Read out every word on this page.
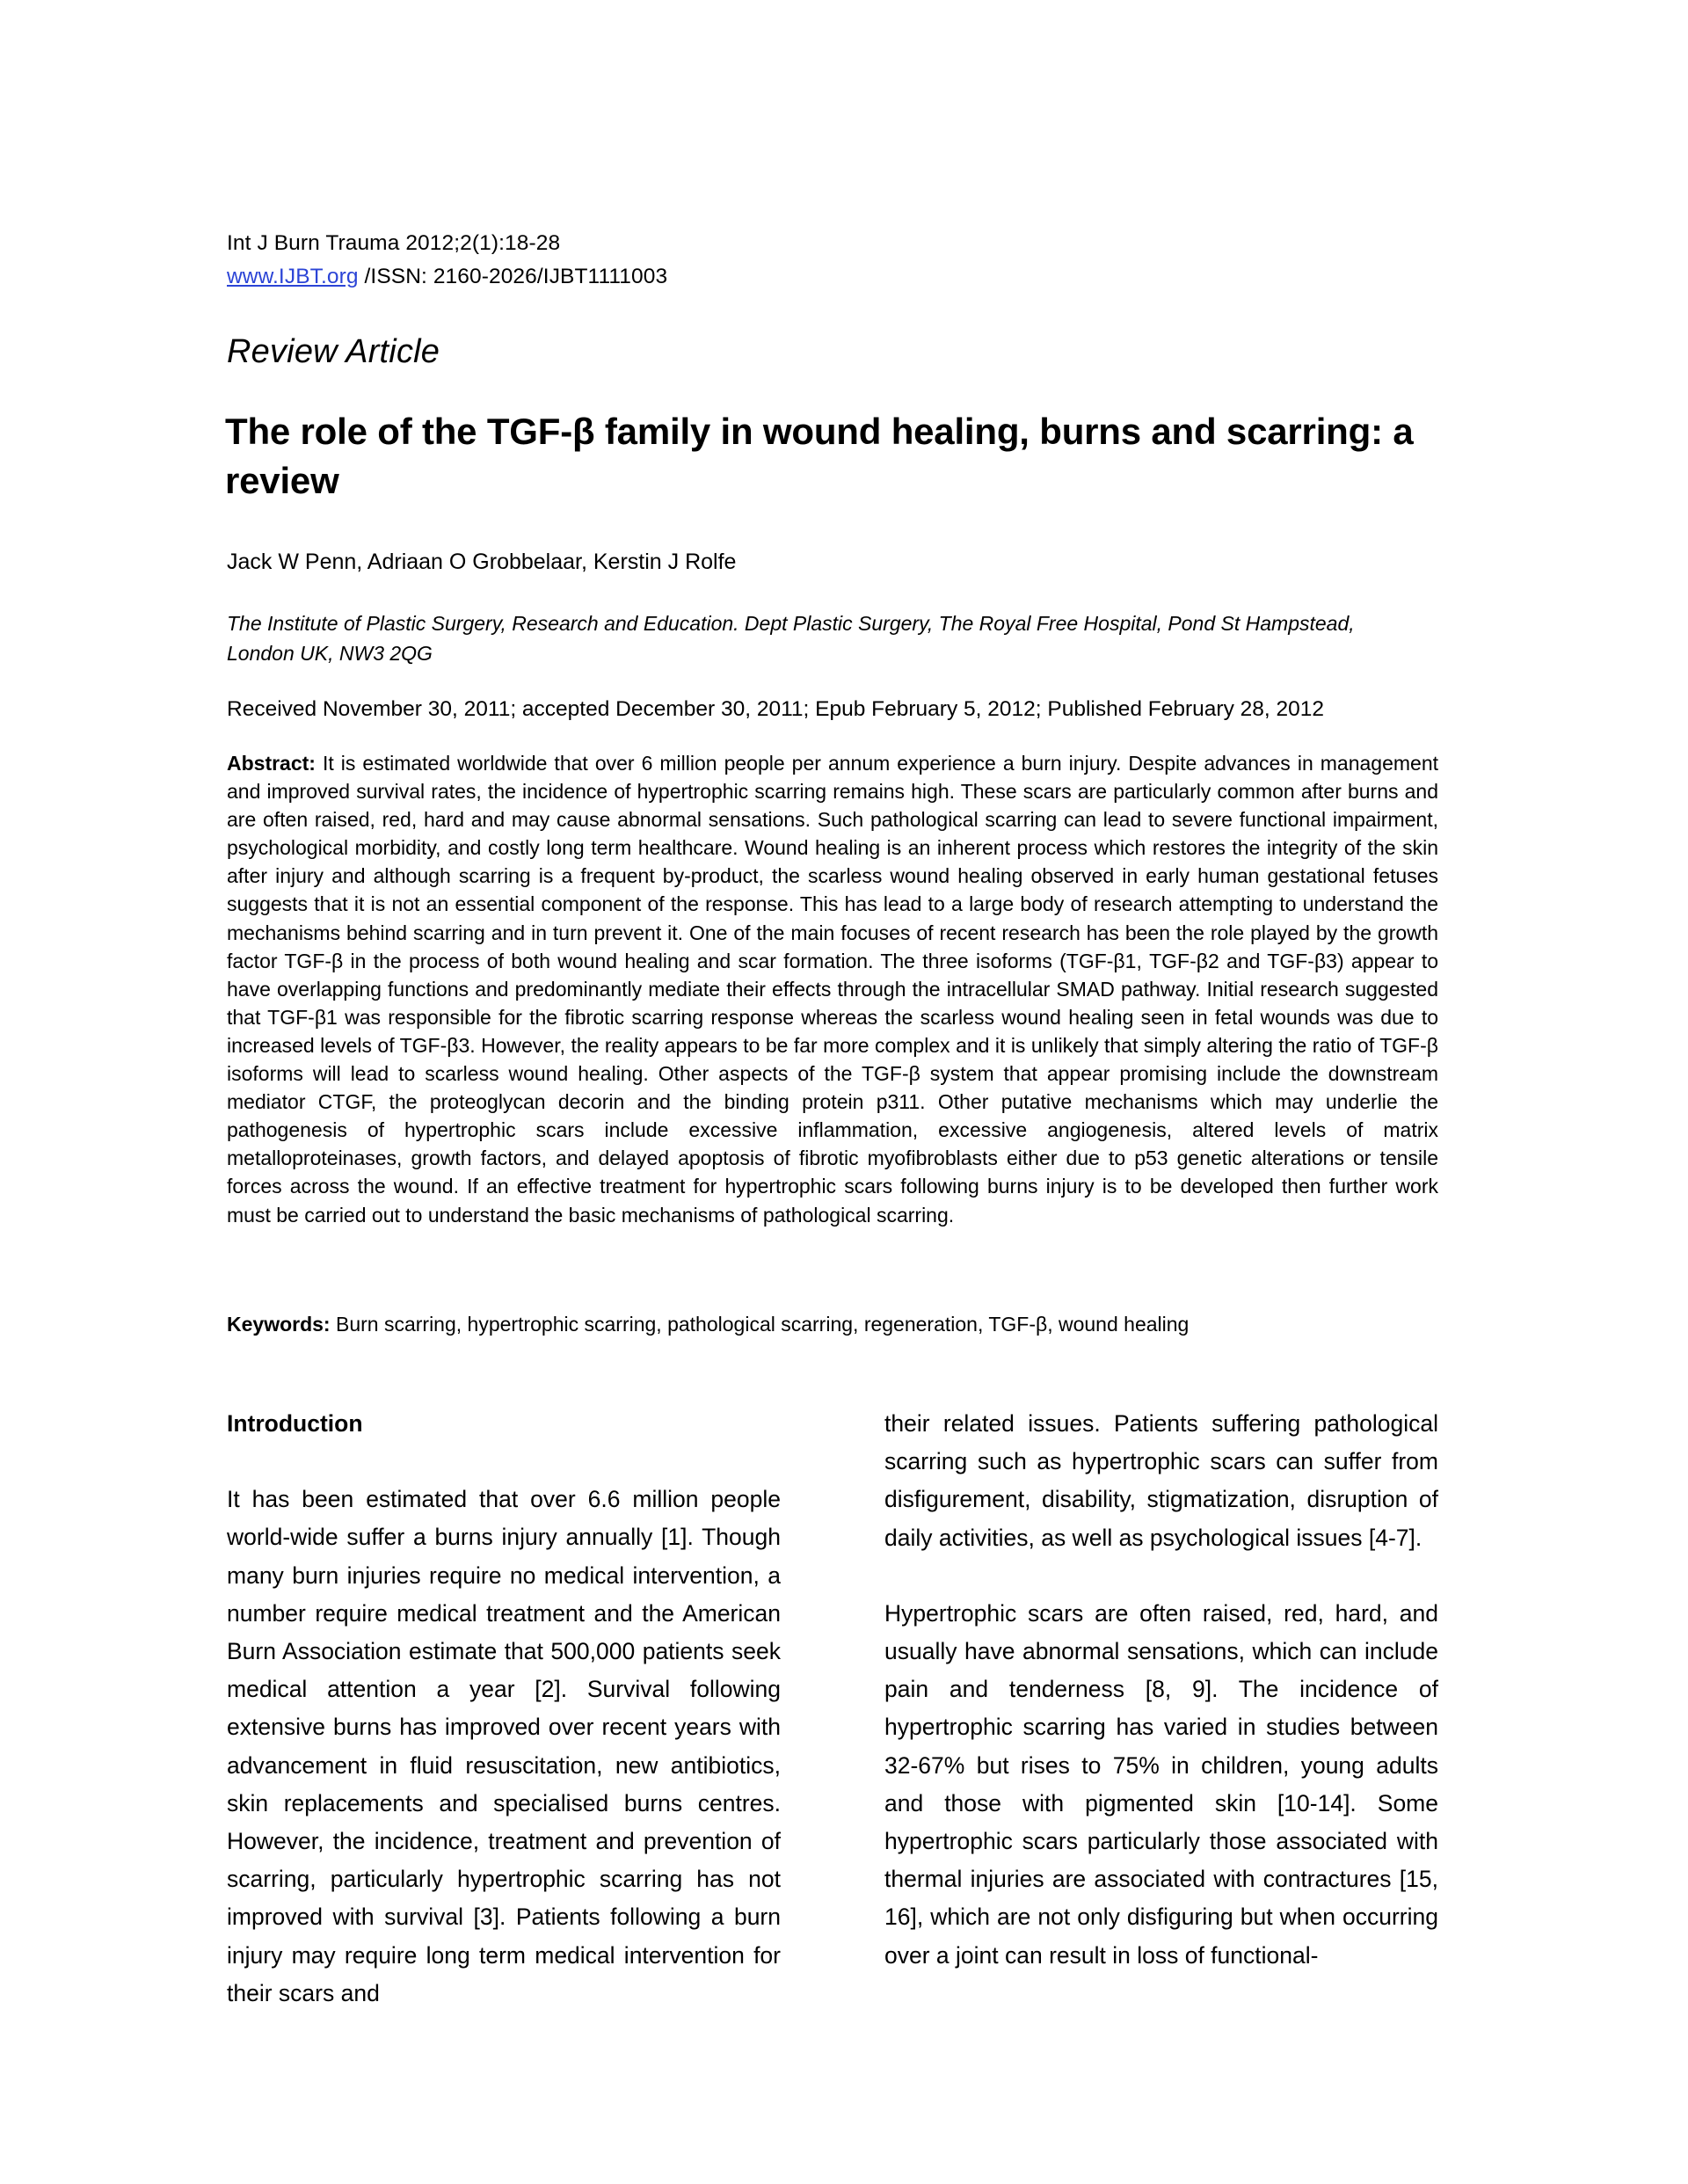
Int J Burn Trauma 2012;2(1):18-28
www.IJBT.org /ISSN: 2160-2026/IJBT1111003
Review Article
The role of the TGF-β family in wound healing, burns and scarring: a review
Jack W Penn, Adriaan O Grobbelaar, Kerstin J Rolfe
The Institute of Plastic Surgery, Research and Education. Dept Plastic Surgery, The Royal Free Hospital, Pond St Hampstead, London UK, NW3 2QG
Received November 30, 2011; accepted December 30, 2011; Epub February 5, 2012; Published February 28, 2012
Abstract: It is estimated worldwide that over 6 million people per annum experience a burn injury. Despite advances in management and improved survival rates, the incidence of hypertrophic scarring remains high. These scars are particularly common after burns and are often raised, red, hard and may cause abnormal sensations. Such pathological scarring can lead to severe functional impairment, psychological morbidity, and costly long term healthcare. Wound healing is an inherent process which restores the integrity of the skin after injury and although scarring is a frequent by-product, the scarless wound healing observed in early human gestational fetuses suggests that it is not an essential component of the response. This has lead to a large body of research attempting to understand the mechanisms behind scarring and in turn prevent it. One of the main focuses of recent research has been the role played by the growth factor TGF-β in the process of both wound healing and scar formation. The three isoforms (TGF-β1, TGF-β2 and TGF-β3) appear to have overlapping functions and predominantly mediate their effects through the intracellular SMAD pathway. Initial research suggested that TGF-β1 was responsible for the fibrotic scarring response whereas the scarless wound healing seen in fetal wounds was due to increased levels of TGF-β3. However, the reality appears to be far more complex and it is unlikely that simply altering the ratio of TGF-β isoforms will lead to scarless wound healing. Other aspects of the TGF-β system that appear promising include the downstream mediator CTGF, the proteoglycan decorin and the binding protein p311. Other putative mechanisms which may underlie the pathogenesis of hypertrophic scars include excessive inflammation, excessive angiogenesis, altered levels of matrix metalloproteinases, growth factors, and delayed apoptosis of fibrotic myofibroblasts either due to p53 genetic alterations or tensile forces across the wound. If an effective treatment for hypertrophic scars following burns injury is to be developed then further work must be carried out to understand the basic mechanisms of pathological scarring.
Keywords: Burn scarring, hypertrophic scarring, pathological scarring, regeneration, TGF-β, wound healing
Introduction

It has been estimated that over 6.6 million people world-wide suffer a burns injury annually [1]. Though many burn injuries require no medical intervention, a number require medical treatment and the American Burn Association estimate that 500,000 patients seek medical attention a year [2]. Survival following extensive burns has improved over recent years with advancement in fluid resuscitation, new antibiotics, skin replacements and specialised burns centres. However, the incidence, treatment and prevention of scarring, particularly hypertrophic scarring has not improved with survival [3]. Patients following a burn injury may require long term medical intervention for their scars and

their related issues. Patients suffering pathological scarring such as hypertrophic scars can suffer from disfigurement, disability, stigmatization, disruption of daily activities, as well as psychological issues [4-7].

Hypertrophic scars are often raised, red, hard, and usually have abnormal sensations, which can include pain and tenderness [8, 9]. The incidence of hypertrophic scarring has varied in studies between 32-67% but rises to 75% in children, young adults and those with pigmented skin [10-14]. Some hypertrophic scars particularly those associated with thermal injuries are associated with contractures [15, 16], which are not only disfiguring but when occurring over a joint can result in loss of functional-
